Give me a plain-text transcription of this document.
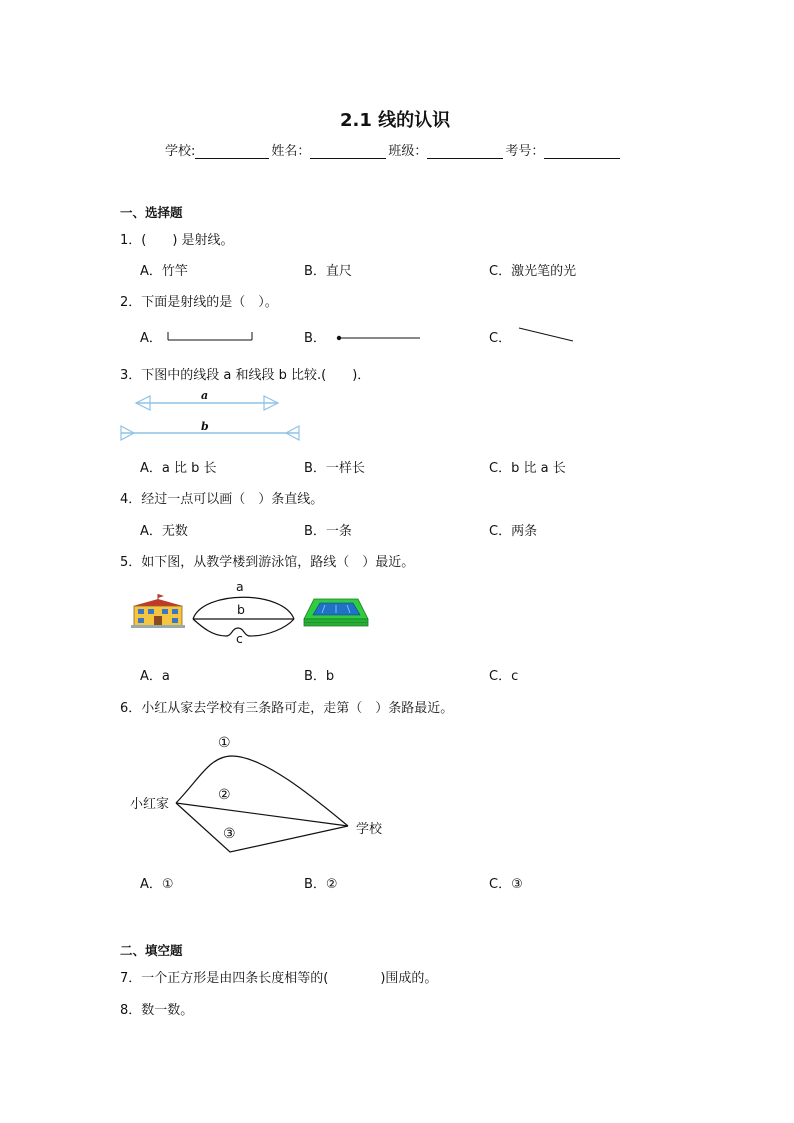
2.1 线的认识
学校:	姓名：	班级：	考号：
一、选择题
1．(　　) 是射线。
A．竹竿	B．直尺	C．激光笔的光
2．下面是射线的是（　）。
A．	B．	C．
3．下图中的线段 a 和线段 b 比较.(　　)．
a
b
A．a 比 b 长	B．一样长	C．b 比 a 长
4．经过一点可以画（　）条直线。
A．无数	B．一条	C．两条
5．如下图，从教学楼到游泳馆，路线（　）最近。
a
b
c
A．a	B．b	C．c
6．小红从家去学校有三条路可走，走第（　）条路最近。
小红家
学校
①
②
③
A．①	B．②	C．③
二、填空题
7．一个正方形是由四条长度相等的(　　　　)围成的。
8．数一数。
